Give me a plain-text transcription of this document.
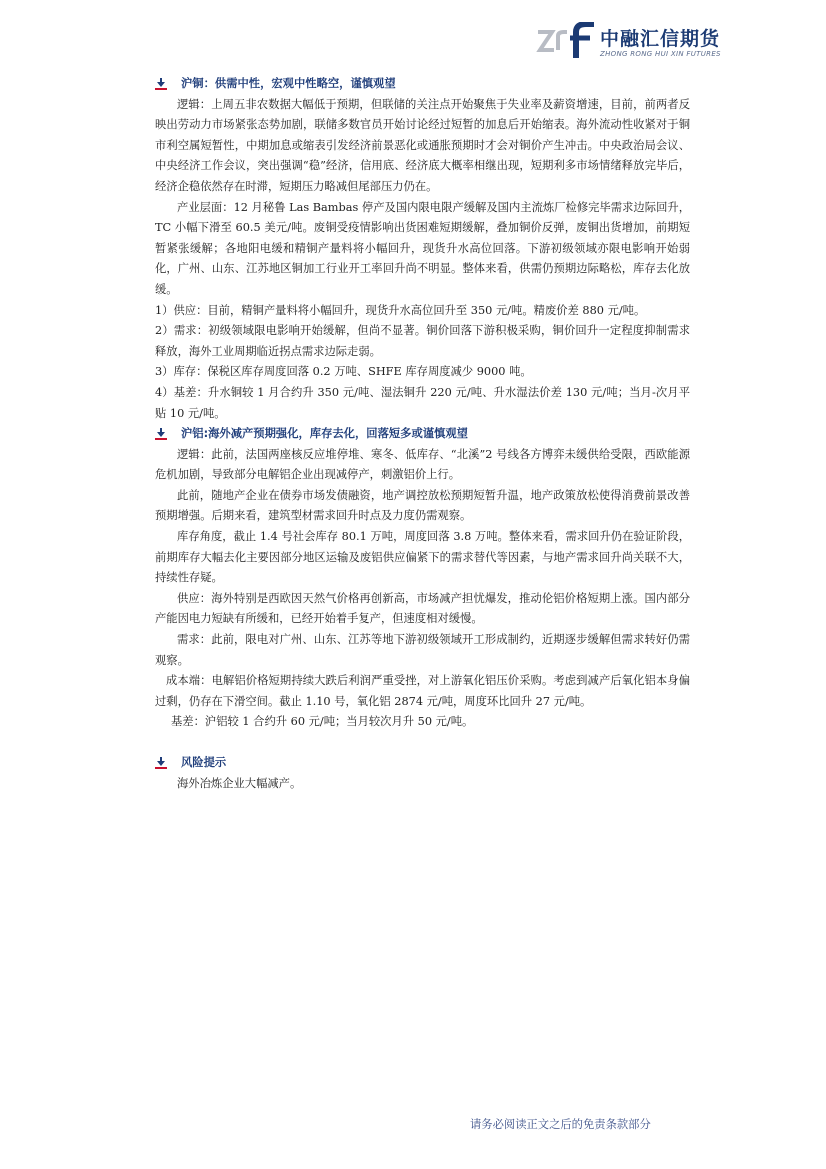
中融汇信期货
ZHONG RONG HUI XIN FUTURES
沪铜：供需中性，宏观中性略空，谨慎观望

逻辑：上周五非农数据大幅低于预期，但联储的关注点开始聚焦于失业率及薪资增速，目前，前两者反映出劳动力市场紧张态势加剧，联储多数官员开始讨论经过短暂的加息后开始缩表。海外流动性收紧对于铜市利空属短暂性，中期加息或缩表引发经济前景恶化或通胀预期时才会对铜价产生冲击。中央政治局会议、中央经济工作会议，突出强调“稳”经济，信用底、经济底大概率相继出现，短期利多市场情绪释放完毕后，经济企稳依然存在时滞，短期压力略减但尾部压力仍在。

产业层面：12 月秘鲁 Las Bambas 停产及国内限电限产缓解及国内主流炼厂检修完毕需求边际回升，TC 小幅下滑至 60.5 美元/吨。废铜受疫情影响出货困难短期缓解，叠加铜价反弹，废铜出货增加，前期短暂紧张缓解；各地阳电缓和精铜产量料将小幅回升，现货升水高位回落。下游初级领域亦限电影响开始弱化，广州、山东、江苏地区铜加工行业开工率回升尚不明显。整体来看，供需仍预期边际略松，库存去化放缓。

1）供应：目前，精铜产量料将小幅回升，现货升水高位回升至 350 元/吨。精废价差 880 元/吨。

2）需求：初级领域限电影响开始缓解，但尚不显著。铜价回落下游积极采购，铜价回升一定程度抑制需求释放，海外工业周期临近拐点需求边际走弱。

3）库存：保税区库存周度回落 0.2 万吨、SHFE 库存周度减少 9000 吨。

4）基差：升水铜较 1 月合约升 350 元/吨、湿法铜升 220 元/吨、升水湿法价差 130 元/吨；当月-次月平贴 10 元/吨。

沪铝:海外减产预期强化，库存去化，回落短多或谨慎观望

逻辑：此前，法国两座核反应堆停堆、寒冬、低库存、“北溪”2 号线各方博弈未缓供给受限，西欧能源危机加剧，导致部分电解铝企业出现减停产，刺激铝价上行。

此前，随地产企业在债券市场发债融资，地产调控放松预期短暂升温，地产政策放松使得消费前景改善预期增强。后期来看，建筑型材需求回升时点及力度仍需观察。

库存角度，截止 1.4 号社会库存 80.1 万吨，周度回落 3.8 万吨。整体来看，需求回升仍在验证阶段，前期库存大幅去化主要因部分地区运输及废铝供应偏紧下的需求替代等因素，与地产需求回升尚关联不大，持续性存疑。

供应：海外特别是西欧因天然气价格再创新高，市场减产担忧爆发，推动伦铝价格短期上涨。国内部分产能因电力短缺有所缓和，已经开始着手复产，但速度相对缓慢。

需求：此前，限电对广州、山东、江苏等地下游初级领域开工形成制约，近期逐步缓解但需求转好仍需观察。

成本端：电解铝价格短期持续大跌后利润严重受挫，对上游氧化铝压价采购。考虑到减产后氧化铝本身偏过剩，仍存在下滑空间。截止 1.10 号，氧化铝 2874 元/吨，周度环比回升 27 元/吨。

基差：沪铝较 1 合约升 60 元/吨；当月较次月升 50 元/吨。

风险提示

海外冶炼企业大幅减产。

请务必阅读正文之后的免责条款部分
